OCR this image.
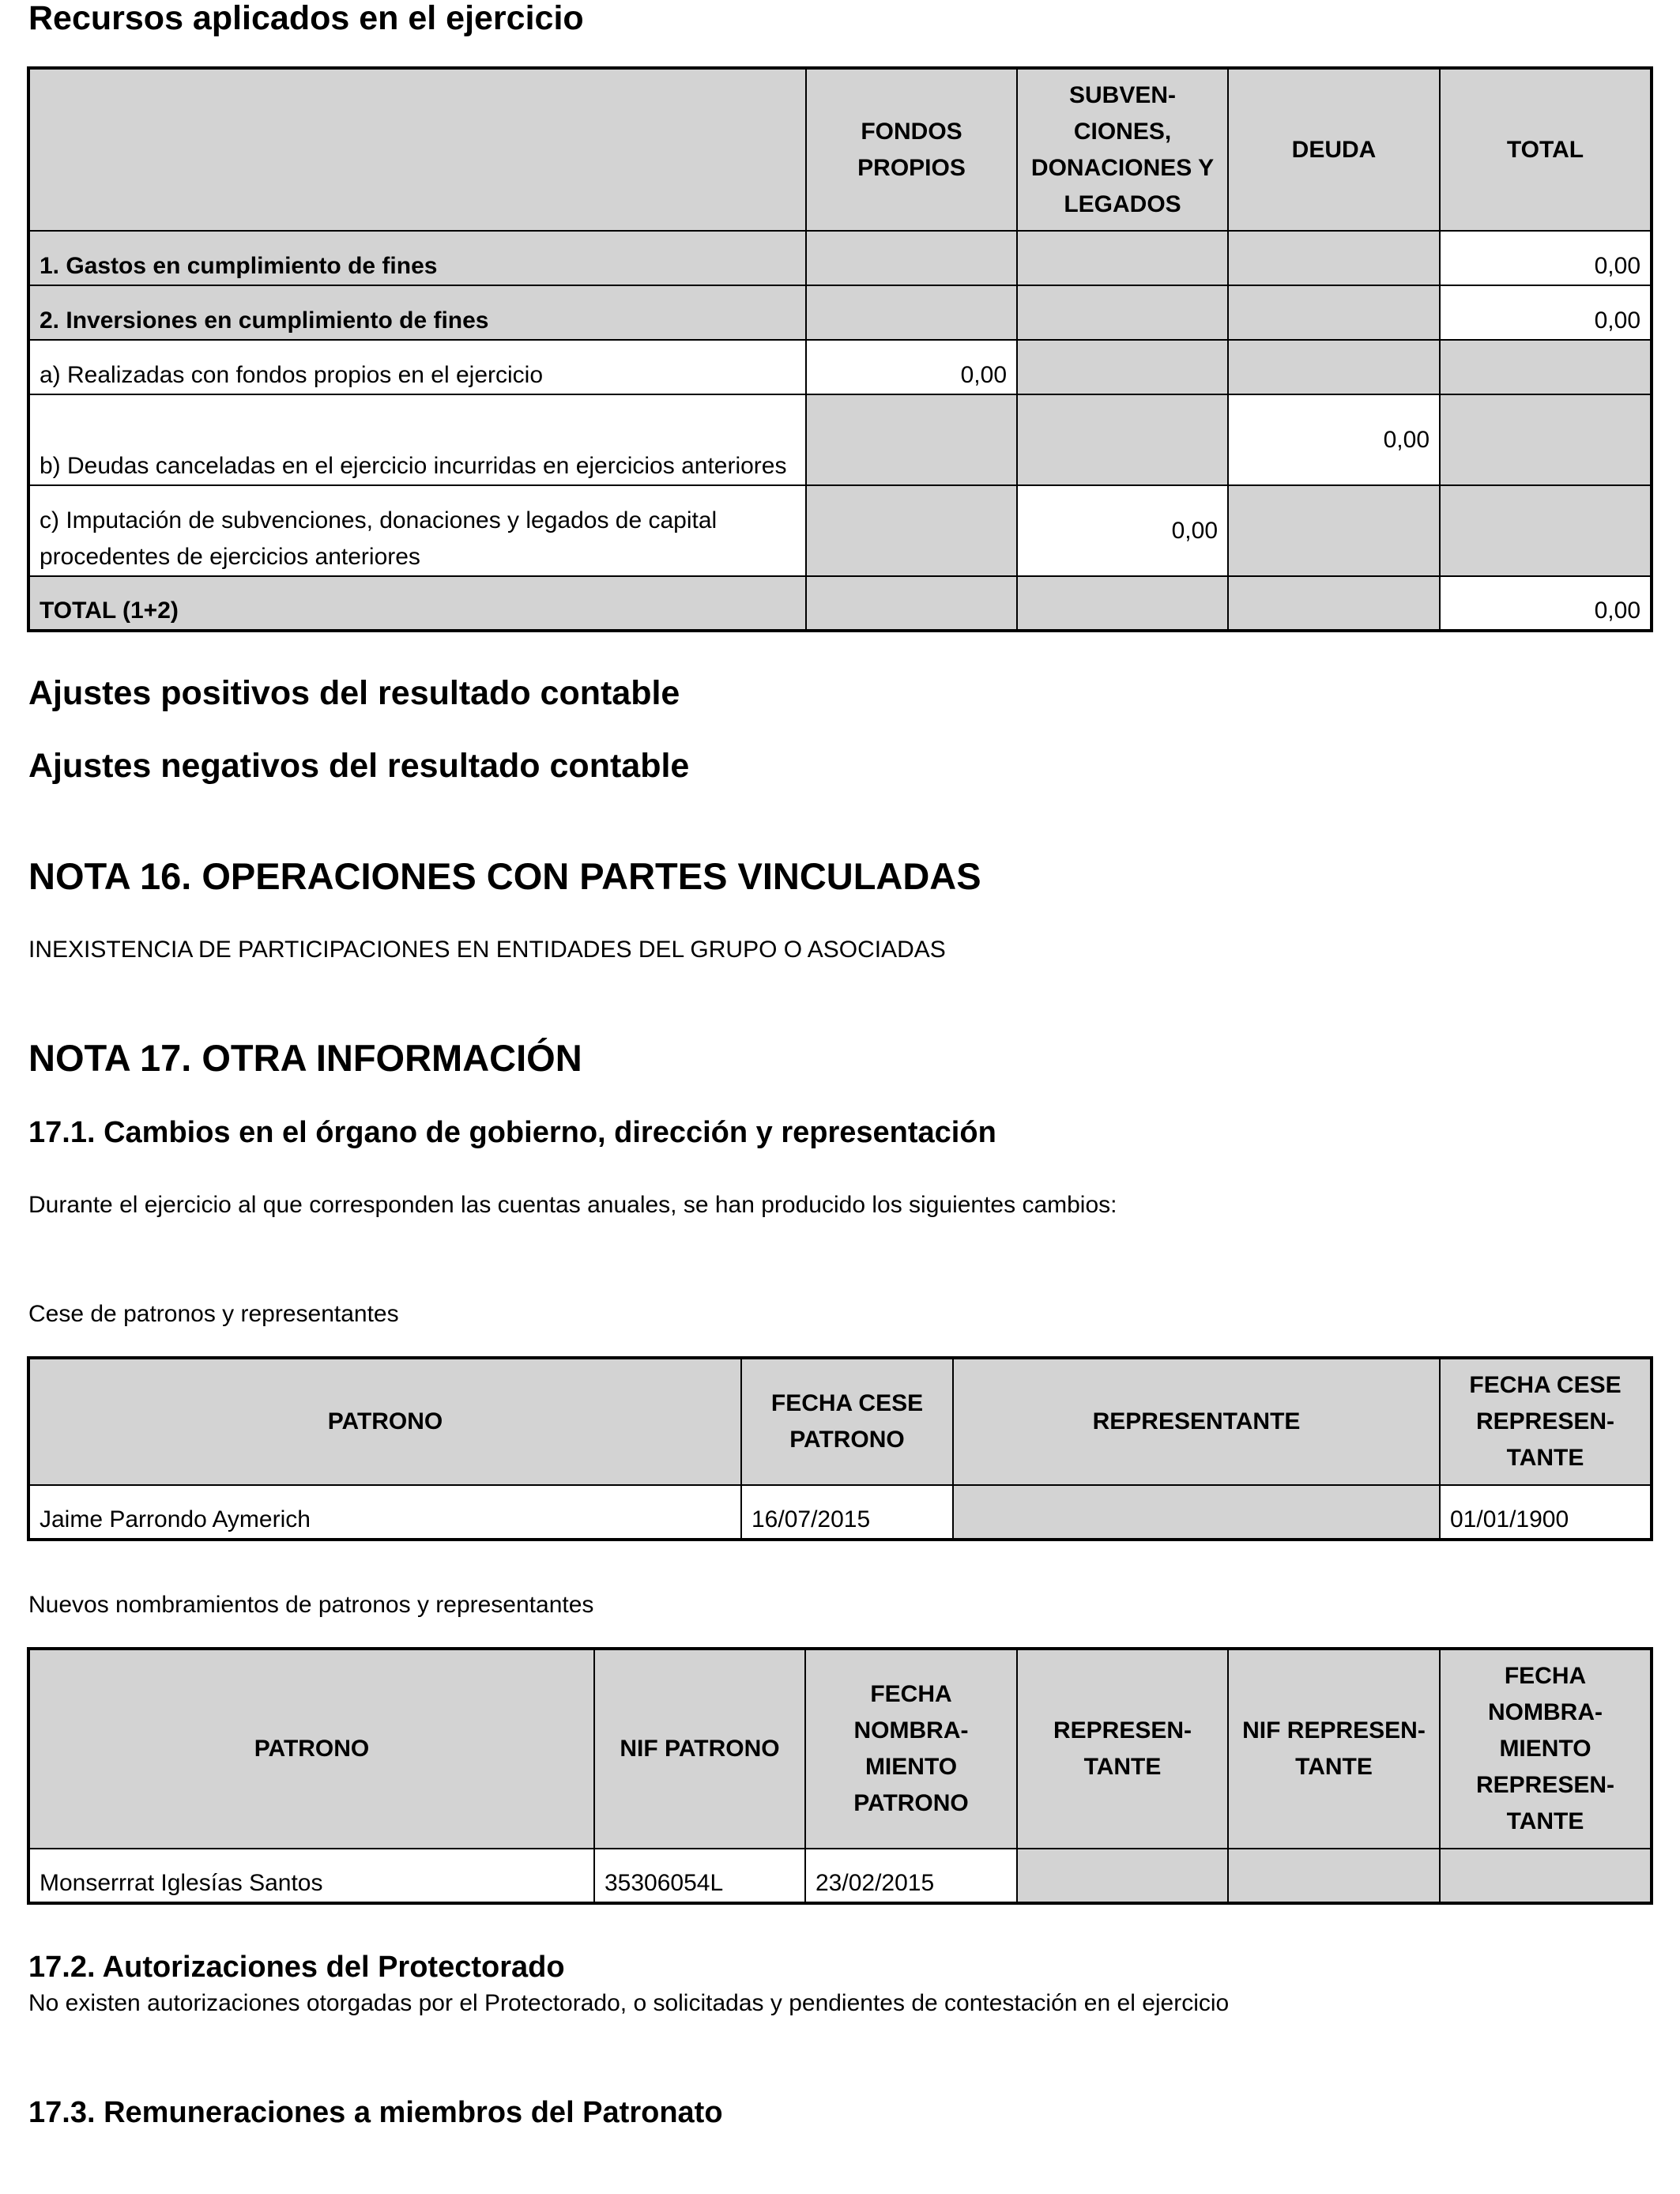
Recursos aplicados en el ejercicio
	FONDOS PROPIOS	SUBVEN- CIONES, DONACIONES Y LEGADOS	DEUDA	TOTAL
1. Gastos en cumplimiento de fines				0,00
2. Inversiones en cumplimiento de fines				0,00
a) Realizadas con fondos propios en el ejercicio	0,00			
b) Deudas canceladas en el ejercicio incurridas en ejercicios anteriores			0,00	
c) Imputación de subvenciones, donaciones y legados de capital procedentes de ejercicios anteriores		0,00		
TOTAL (1+2)				0,00
Ajustes positivos del resultado contable
Ajustes negativos del resultado contable
NOTA 16. OPERACIONES CON PARTES VINCULADAS
INEXISTENCIA DE PARTICIPACIONES EN ENTIDADES DEL GRUPO O ASOCIADAS
NOTA 17. OTRA INFORMACIÓN
17.1. Cambios en el órgano de gobierno, dirección y representación
Durante el ejercicio al que corresponden las cuentas anuales, se han producido los siguientes cambios:
Cese de patronos y representantes
PATRONO	FECHA CESE PATRONO	REPRESENTANTE	FECHA CESE REPRESEN- TANTE
Jaime Parrondo Aymerich	16/07/2015		01/01/1900
Nuevos nombramientos de patronos y representantes
PATRONO	NIF PATRONO	FECHA NOMBRA- MIENTO PATRONO	REPRESEN- TANTE	NIF REPRESEN- TANTE	FECHA NOMBRA- MIENTO REPRESEN- TANTE
Monserrrat Iglesías Santos	35306054L	23/02/2015			
17.2. Autorizaciones del Protectorado
No existen autorizaciones otorgadas por el Protectorado, o solicitadas y pendientes de contestación en el ejercicio
17.3. Remuneraciones a miembros del Patronato
